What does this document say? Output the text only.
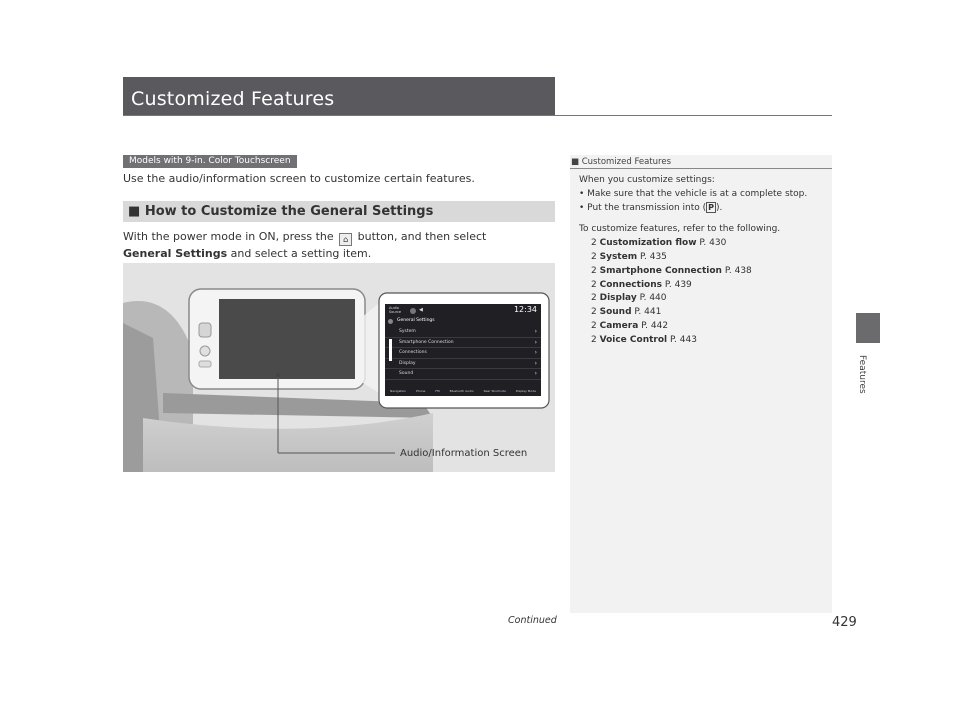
Customized Features
Features
Models with 9-in. Color Touchscreen
Use the audio/information screen to customize certain features.
■ How to Customize the General Settings
With the power mode in ON, press the ⌂ button, and then select General Settings and select a setting item.
Audio Source	◀	12:34
General Settings
System	›
Smartphone Connection	›
Connections	›
Display	›
Sound	›
Navigation	Phone	FM	Bluetooth Audio	Rear Shortcuts	Display Mode
Audio/Information Screen
■ Customized Features
When you customize settings:
• Make sure that the vehicle is at a complete stop.
• Put the transmission into ( P ).
To customize features, refer to the following.
2 Customization flow P. 430
2 System P. 435
2 Smartphone Connection P. 438
2 Connections P. 439
2 Display P. 440
2 Sound P. 441
2 Camera P. 442
2 Voice Control P. 443
Continued	429
